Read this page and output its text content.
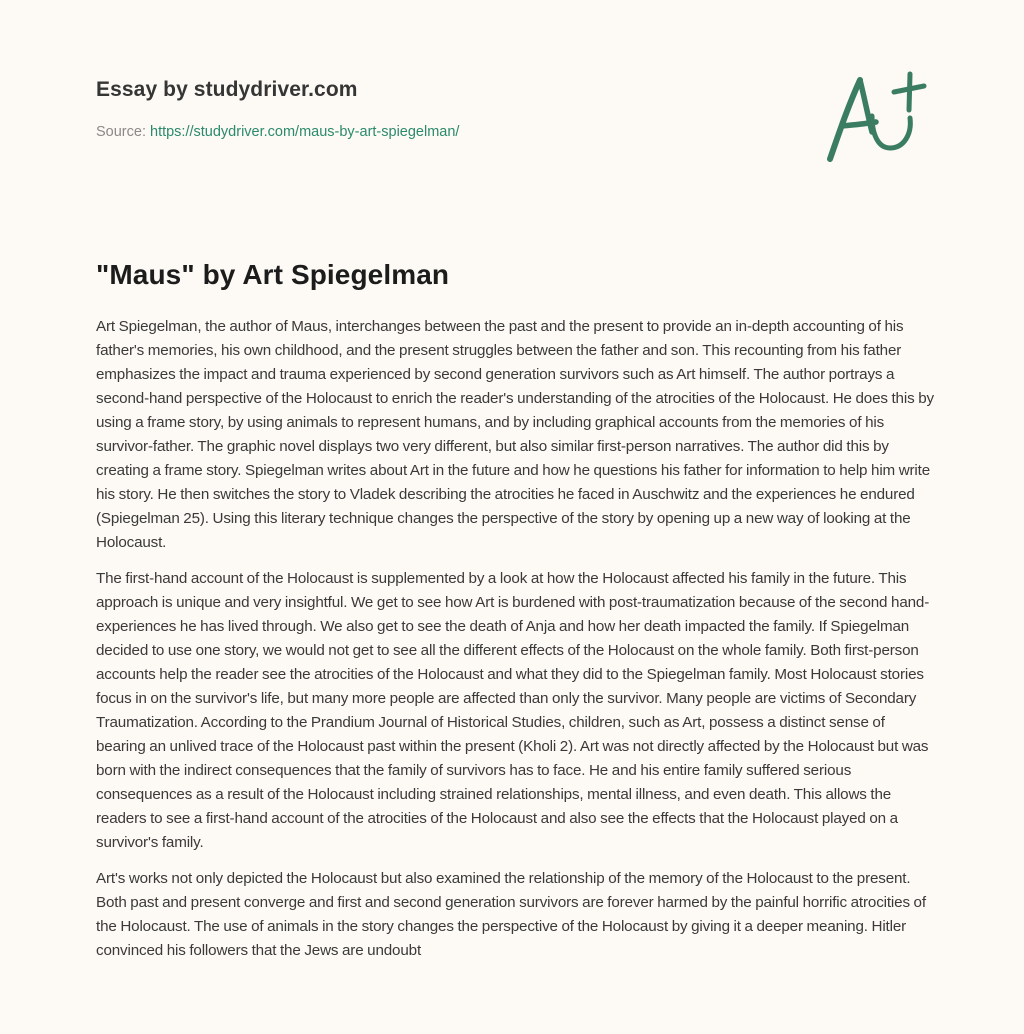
Essay by studydriver.com
Source: https://studydriver.com/maus-by-art-spiegelman/
"Maus" by Art Spiegelman

Art Spiegelman, the author of Maus, interchanges between the past and the present to provide an in-depth accounting of his father's memories, his own childhood, and the present struggles between the father and son. This recounting from his father emphasizes the impact and trauma experienced by second generation survivors such as Art himself. The author portrays a second-hand perspective of the Holocaust to enrich the reader's understanding of the atrocities of the Holocaust. He does this by using a frame story, by using animals to represent humans, and by including graphical accounts from the memories of his survivor-father. The graphic novel displays two very different, but also similar first-person narratives. The author did this by creating a frame story. Spiegelman writes about Art in the future and how he questions his father for information to help him write his story. He then switches the story to Vladek describing the atrocities he faced in Auschwitz and the experiences he endured (Spiegelman 25). Using this literary technique changes the perspective of the story by opening up a new way of looking at the Holocaust.

The first-hand account of the Holocaust is supplemented by a look at how the Holocaust affected his family in the future. This approach is unique and very insightful. We get to see how Art is burdened with post-traumatization because of the second hand-experiences he has lived through. We also get to see the death of Anja and how her death impacted the family. If Spiegelman decided to use one story, we would not get to see all the different effects of the Holocaust on the whole family. Both first-person accounts help the reader see the atrocities of the Holocaust and what they did to the Spiegelman family. Most Holocaust stories focus in on the survivor's life, but many more people are affected than only the survivor. Many people are victims of Secondary Traumatization. According to the Prandium Journal of Historical Studies, children, such as Art, possess a distinct sense of bearing an unlived trace of the Holocaust past within the present (Kholi 2). Art was not directly affected by the Holocaust but was born with the indirect consequences that the family of survivors has to face. He and his entire family suffered serious consequences as a result of the Holocaust including strained relationships, mental illness, and even death. This allows the readers to see a first-hand account of the atrocities of the Holocaust and also see the effects that the Holocaust played on a survivor's family.

Art's works not only depicted the Holocaust but also examined the relationship of the memory of the Holocaust to the present. Both past and present converge and first and second generation survivors are forever harmed by the painful horrific atrocities of the Holocaust. The use of animals in the story changes the perspective of the Holocaust by giving it a deeper meaning. Hitler convinced his followers that the Jews are undoubt
